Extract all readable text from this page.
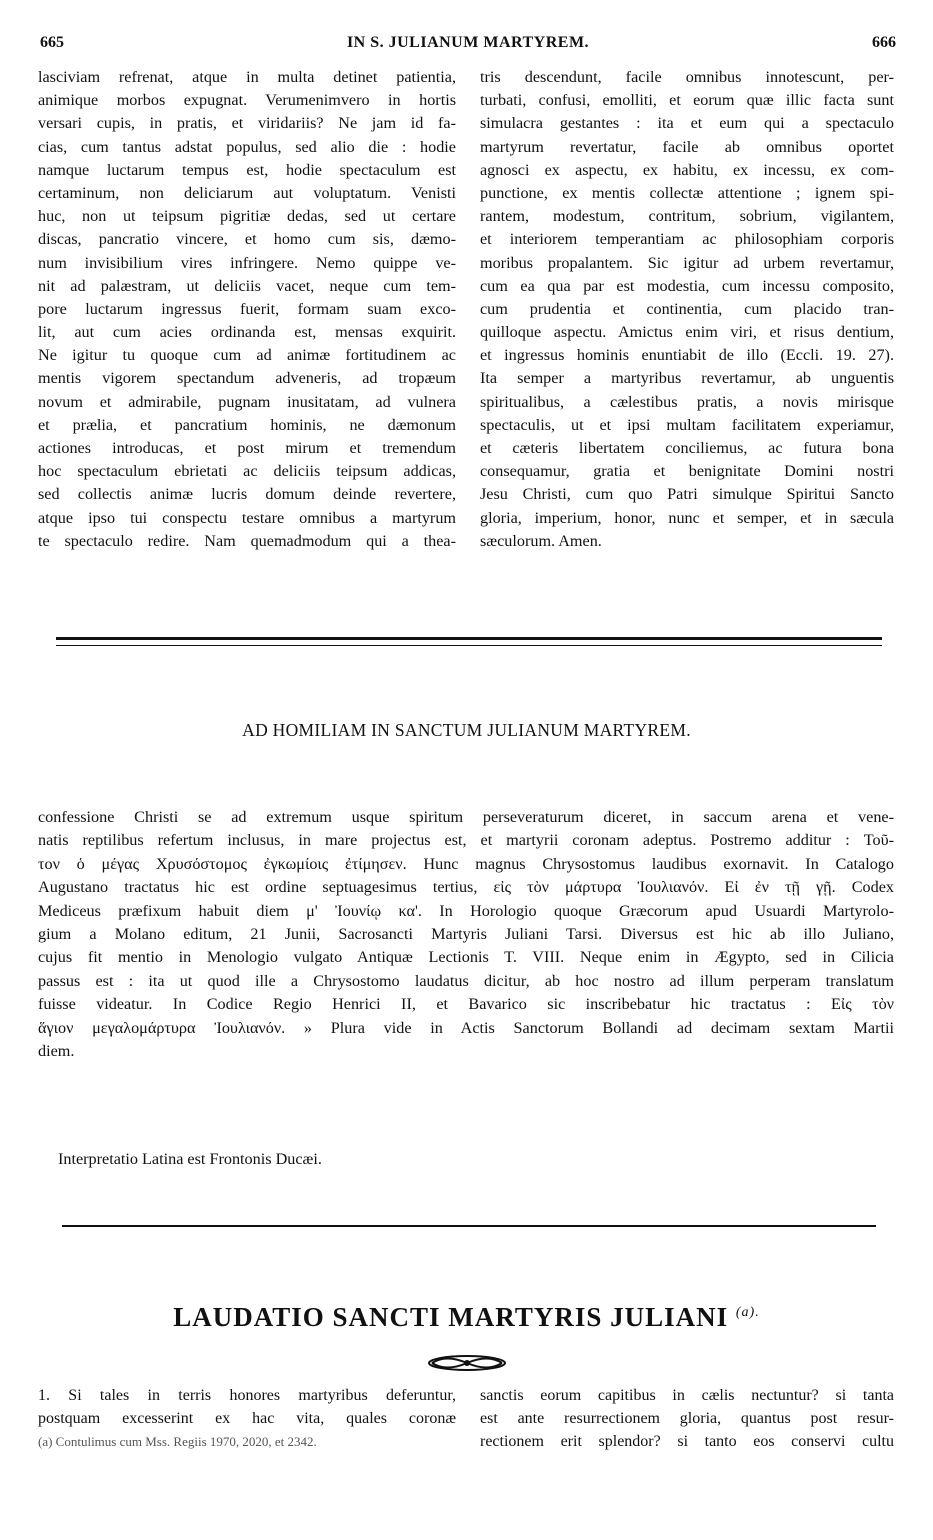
665	IN S. JULIANUM MARTYREM.	666
lasciviam refrenat, atque in multa detinet patientia,
animique morbos expugnat. Verumenimvero in hortis
versari cupis, in pratis, et viridariis? Ne jam id fa-
cias, cum tantus adstat populus, sed alio die : hodie
namque luctarum tempus est, hodie spectaculum est
certaminum, non deliciarum aut voluptatum. Venisti
huc, non ut teipsum pigritiæ dedas, sed ut certare
discas, pancratio vincere, et homo cum sis, dæmo-
num invisibilium vires infringere. Nemo quippe ve-
nit ad palæstram, ut deliciis vacet, neque cum tem-
pore luctarum ingressus fuerit, formam suam exco-
lit, aut cum acies ordinanda est, mensas exquirit.
Ne igitur tu quoque cum ad animæ fortitudinem ac
mentis vigorem spectandum adveneris, ad tropæum
novum et admirabile, pugnam inusitatam, ad vulnera
et prælia, et pancratium hominis, ne dæmonum
actiones introducas, et post mirum et tremendum
hoc spectaculum ebrietati ac deliciis teipsum addicas,
sed collectis animæ lucris domum deinde revertere,
atque ipso tui conspectu testare omnibus a martyrum
te spectaculo redire. Nam quemadmodum qui a thea-
tris descendunt, facile omnibus innotescunt, per-
turbati, confusi, emolliti, et eorum quæ illic facta sunt
simulacra gestantes : ita et eum qui a spectaculo
martyrum revertatur, facile ab omnibus oportet
agnosci ex aspectu, ex habitu, ex incessu, ex com-
punctione, ex mentis collectæ attentione ; ignem spi-
rantem, modestum, contritum, sobrium, vigilantem,
et interiorem temperantiam ac philosophiam corporis
moribus propalantem. Sic igitur ad urbem revertamur,
cum ea qua par est modestia, cum incessu composito,
cum prudentia et continentia, cum placido tran-
quilloque aspectu. Amictus enim viri, et risus dentium,
et ingressus hominis enuntiabit de illo (Eccli. 19. 27).
Ita semper a martyribus revertamur, ab unguentis
spiritualibus, a cælestibus pratis, a novis mirisque
spectaculis, ut et ipsi multam facilitatem experiamur,
et cæteris libertatem conciliemus, ac futura bona
consequamur, gratia et benignitate Domini nostri
Jesu Christi, cum quo Patri simulque Spiritui Sancto
gloria, imperium, honor, nunc et semper, et in sæcula
sæculorum. Amen.
AD HOMILIAM IN SANCTUM JULIANUM MARTYREM.
confessione Christi se ad extremum usque spiritum perseveraturum diceret, in saccum arena et vene-
natis reptilibus refertum inclusus, in mare projectus est, et martyrii coronam adeptus. Postremo additur : Τοῦ-
τον ὁ μέγας Χρυσόστομος ἐγκωμίοις ἐτίμησεν. Hunc magnus Chrysostomus laudibus exornavit. In Catalogo
Augustano tractatus hic est ordine septuagesimus tertius, εἰς τὸν μάρτυρα Ἰουλιανόν. Εἰ ἐν τῇ γῇ. Codex
Mediceus præfixum habuit diem μ' Ἰουνίῳ κα'. In Horologio quoque Græcorum apud Usuardi Martyrolo-
gium a Molano editum, 21 Junii, Sacrosancti Martyris Juliani Tarsi. Diversus est hic ab illo Juliano,
cujus fit mentio in Menologio vulgato Antiquæ Lectionis T. VIII. Neque enim in Ægypto, sed in Cilicia
passus est : ita ut quod ille a Chrysostomo laudatus dicitur, ab hoc nostro ad illum perperam translatum
fuisse videatur. In Codice Regio Henrici II, et Bavarico sic inscribebatur hic tractatus : Εἰς τὸν
ἅγιον μεγαλομάρτυρα Ἰουλιανόν. » Plura vide in Actis Sanctorum Bollandi ad decimam sextam Martii
diem.
Interpretatio Latina est Frontonis Ducæi.
LAUDATIO SANCTI MARTYRIS JULIANI $^{(a).}$
1. Si tales in terris honores martyribus deferuntur,
postquam excesserint ex hac vita, quales coronæ
(a) Contulimus cum Mss. Regiis 1970, 2020, et 2342.
sanctis eorum capitibus in cælis nectuntur? si tanta
est ante resurrectionem gloria, quantus post resur-
rectionem erit splendor? si tanto eos conservi cultu
